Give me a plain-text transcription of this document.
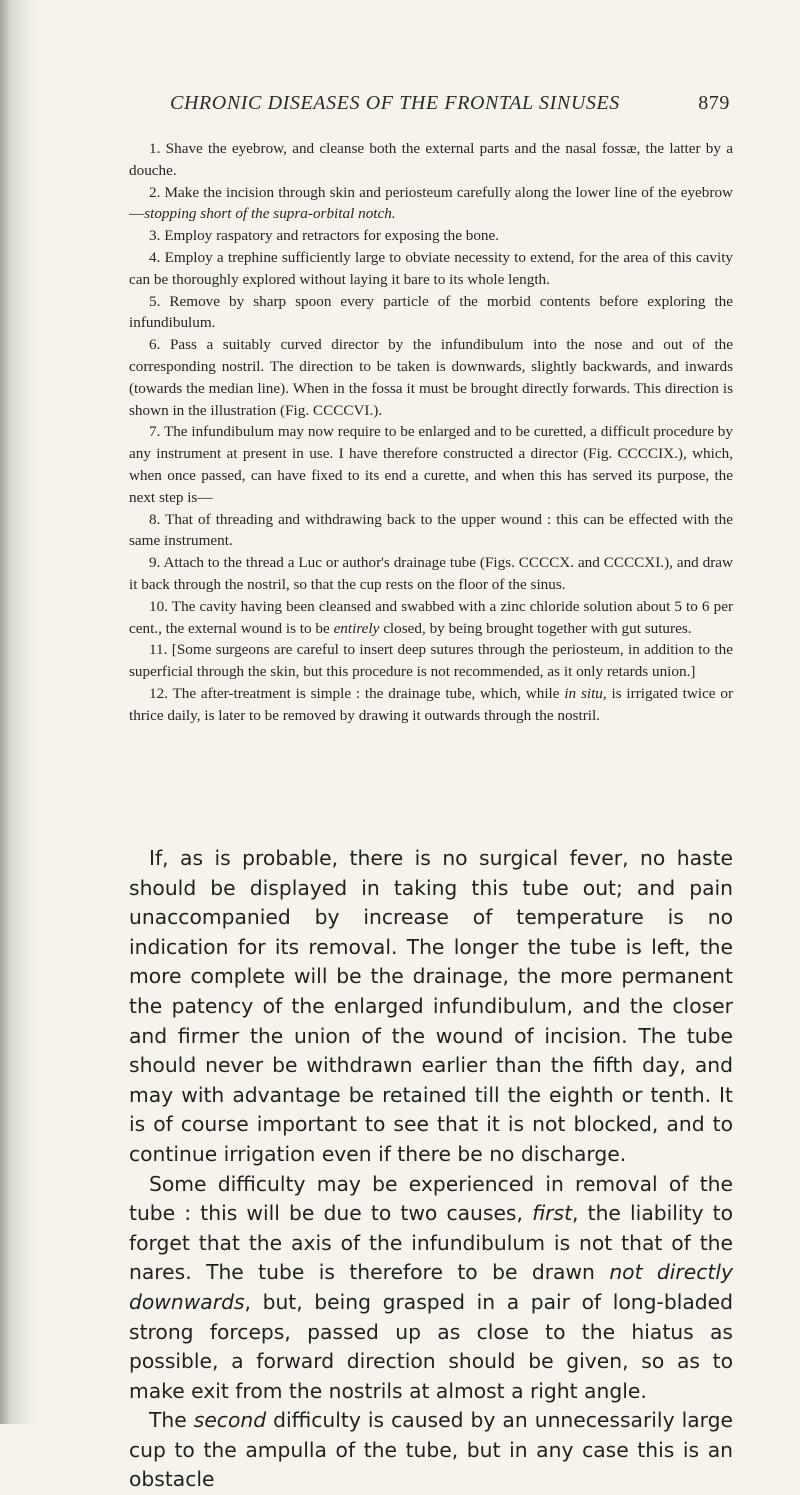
CHRONIC DISEASES OF THE FRONTAL SINUSES	879

1. Shave the eyebrow, and cleanse both the external parts and the nasal fossæ, the latter by a douche.

2. Make the incision through skin and periosteum carefully along the lower line of the eyebrow—stopping short of the supra-orbital notch.

3. Employ raspatory and retractors for exposing the bone.

4. Employ a trephine sufficiently large to obviate necessity to extend, for the area of this cavity can be thoroughly explored without laying it bare to its whole length.

5. Remove by sharp spoon every particle of the morbid contents before exploring the infundibulum.

6. Pass a suitably curved director by the infundibulum into the nose and out of the corresponding nostril. The direction to be taken is downwards, slightly backwards, and inwards (towards the median line). When in the fossa it must be brought directly forwards. This direction is shown in the illustration (Fig. CCCCVI.).

7. The infundibulum may now require to be enlarged and to be curetted, a difficult procedure by any instrument at present in use. I have therefore constructed a director (Fig. CCCCIX.), which, when once passed, can have fixed to its end a curette, and when this has served its purpose, the next step is—

8. That of threading and withdrawing back to the upper wound : this can be effected with the same instrument.

9. Attach to the thread a Luc or author's drainage tube (Figs. CCCCX. and CCCCXI.), and draw it back through the nostril, so that the cup rests on the floor of the sinus.

10. The cavity having been cleansed and swabbed with a zinc chloride solution about 5 to 6 per cent., the external wound is to be entirely closed, by being brought together with gut sutures.

11. [Some surgeons are careful to insert deep sutures through the periosteum, in addition to the superficial through the skin, but this procedure is not recommended, as it only retards union.]

12. The after-treatment is simple : the drainage tube, which, while in situ, is irrigated twice or thrice daily, is later to be removed by drawing it outwards through the nostril.

If, as is probable, there is no surgical fever, no haste should be displayed in taking this tube out; and pain unaccompanied by increase of temperature is no indication for its removal. The longer the tube is left, the more complete will be the drainage, the more permanent the patency of the enlarged infundibulum, and the closer and firmer the union of the wound of incision. The tube should never be withdrawn earlier than the fifth day, and may with advantage be retained till the eighth or tenth. It is of course important to see that it is not blocked, and to continue irrigation even if there be no discharge.

Some difficulty may be experienced in removal of the tube : this will be due to two causes, first, the liability to forget that the axis of the infundibulum is not that of the nares. The tube is therefore to be drawn not directly downwards, but, being grasped in a pair of long-bladed strong forceps, passed up as close to the hiatus as possible, a forward direction should be given, so as to make exit from the nostrils at almost a right angle.

The second difficulty is caused by an unnecessarily large cup to the ampulla of the tube, but in any case this is an obstacle
